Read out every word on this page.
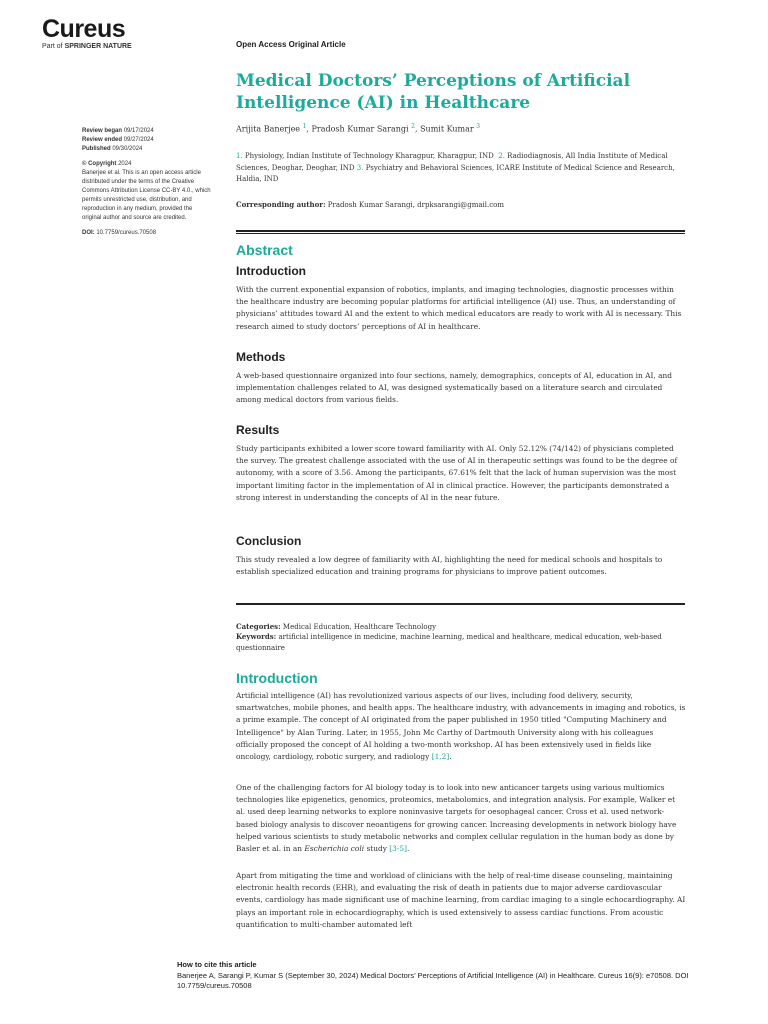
Cureus
Part of SPRINGER NATURE	Open Access Original Article
Medical Doctors’ Perceptions of Artificial Intelligence (AI) in Healthcare
Arijita Banerjee $^1$, Pradosh Kumar Sarangi $^2$, Sumit Kumar $^3$
1. Physiology, Indian Institute of Technology Kharagpur, Kharagpur, IND 2. Radiodiagnosis, All India Institute of Medical Sciences, Deoghar, Deoghar, IND 3. Psychiatry and Behavioral Sciences, ICARE Institute of Medical Science and Research, Haldia, IND
Corresponding author: Pradosh Kumar Sarangi, drpksarangi@gmail.com
Review began 09/17/2024
Review ended 09/27/2024
Published 09/30/2024
© Copyright 2024
Banerjee et al. This is an open access article distributed under the terms of the Creative Commons Attribution License CC-BY 4.0., which permits unrestricted use, distribution, and reproduction in any medium, provided the original author and source are credited.
DOI: 10.7759/cureus.70508
Abstract
Introduction
With the current exponential expansion of robotics, implants, and imaging technologies, diagnostic processes within the healthcare industry are becoming popular platforms for artificial intelligence (AI) use. Thus, an understanding of physicians’ attitudes toward AI and the extent to which medical educators are ready to work with AI is necessary. This research aimed to study doctors’ perceptions of AI in healthcare.
Methods
A web-based questionnaire organized into four sections, namely, demographics, concepts of AI, education in AI, and implementation challenges related to AI, was designed systematically based on a literature search and circulated among medical doctors from various fields.
Results
Study participants exhibited a lower score toward familiarity with AI. Only 52.12% (74/142) of physicians completed the survey. The greatest challenge associated with the use of AI in therapeutic settings was found to be the degree of autonomy, with a score of 3.56. Among the participants, 67.61% felt that the lack of human supervision was the most important limiting factor in the implementation of AI in clinical practice. However, the participants demonstrated a strong interest in understanding the concepts of AI in the near future.
Conclusion
This study revealed a low degree of familiarity with AI, highlighting the need for medical schools and hospitals to establish specialized education and training programs for physicians to improve patient outcomes.
Categories: Medical Education, Healthcare Technology
Keywords: artificial intelligence in medicine, machine learning, medical and healthcare, medical education, web-based questionnaire
Introduction
Artificial intelligence (AI) has revolutionized various aspects of our lives, including food delivery, security, smartwatches, mobile phones, and health apps. The healthcare industry, with advancements in imaging and robotics, is a prime example. The concept of AI originated from the paper published in 1950 titled "Computing Machinery and Intelligence" by Alan Turing. Later, in 1955, John Mc Carthy of Dartmouth University along with his colleagues officially proposed the concept of AI holding a two-month workshop. AI has been extensively used in fields like oncology, cardiology, robotic surgery, and radiology [1,2].
One of the challenging factors for AI biology today is to look into new anticancer targets using various multiomics technologies like epigenetics, genomics, proteomics, metabolomics, and integration analysis. For example, Walker et al. used deep learning networks to explore noninvasive targets for oesophageal cancer. Cross et al. used network-based biology analysis to discover neoantigens for growing cancer. Increasing developments in network biology have helped various scientists to study metabolic networks and complex cellular regulation in the human body as done by Basler et al. in an Escherichia coli study [3-5].
Apart from mitigating the time and workload of clinicians with the help of real-time disease counseling, maintaining electronic health records (EHR), and evaluating the risk of death in patients due to major adverse cardiovascular events, cardiology has made significant use of machine learning, from cardiac imaging to a single echocardiography. AI plays an important role in echocardiography, which is used extensively to assess cardiac functions. From acoustic quantification to multi-chamber automated left
How to cite this article
Banerjee A, Sarangi P, Kumar S (September 30, 2024) Medical Doctors’ Perceptions of Artificial Intelligence (AI) in Healthcare. Cureus 16(9): e70508. DOI 10.7759/cureus.70508
